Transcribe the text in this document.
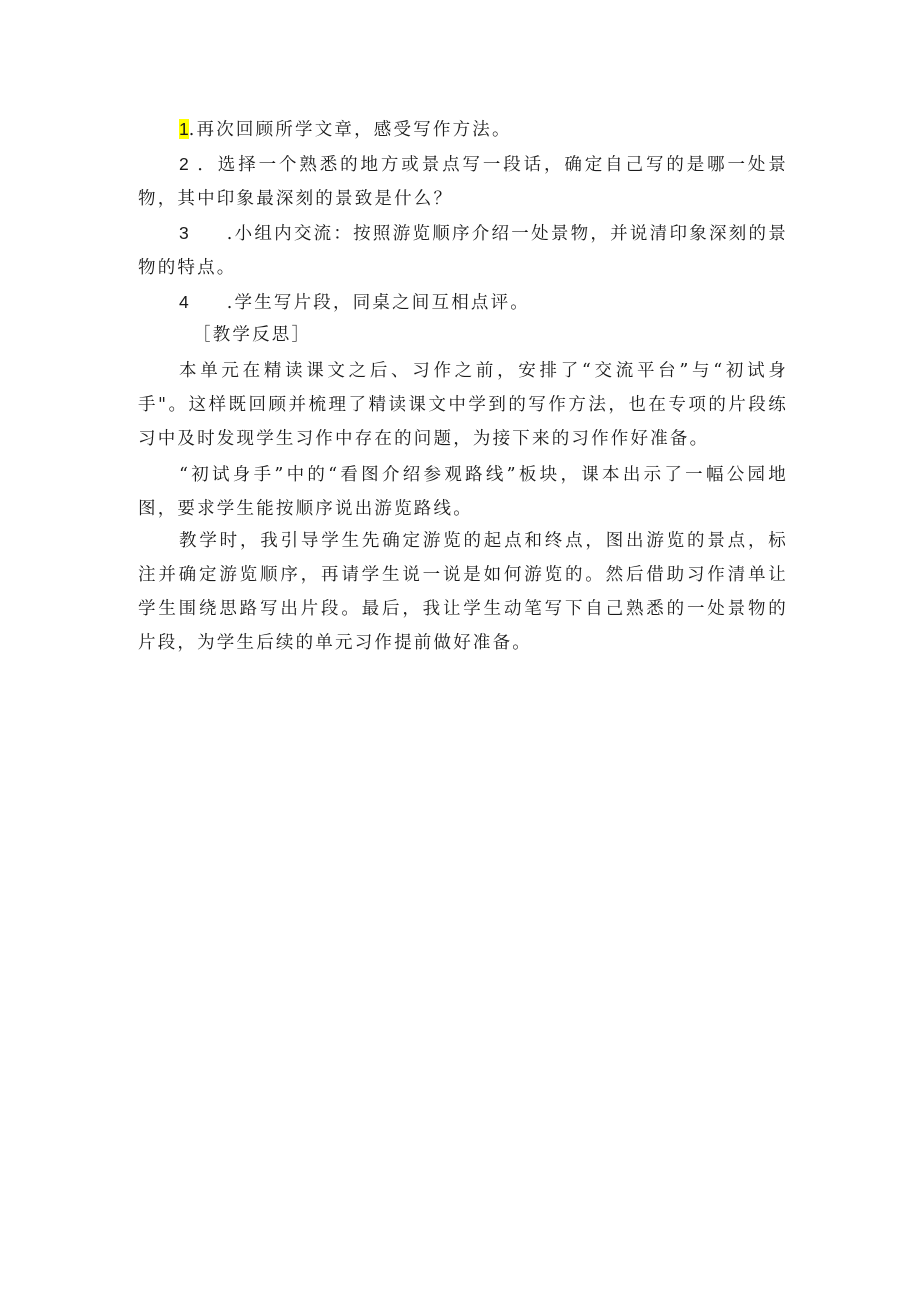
1.再次回顾所学文章，感受写作方法。
2 ．选择一个熟悉的地方或景点写一段话，确定自己写的是哪一处景物，其中印象最深刻的景致是什么？
3 .小组内交流：按照游览顺序介绍一处景物，并说清印象深刻的景物的特点。
4 .学生写片段，同桌之间互相点评。
［教学反思］
本单元在精读课文之后、习作之前，安排了“交流平台”与“初试身手"。这样既回顾并梳理了精读课文中学到的写作方法，也在专项的片段练习中及时发现学生习作中存在的问题，为接下来的习作作好准备。
“初试身手”中的“看图介绍参观路线”板块，课本出示了一幅公园地图，要求学生能按顺序说出游览路线。
教学时，我引导学生先确定游览的起点和终点，图出游览的景点，标注并确定游览顺序，再请学生说一说是如何游览的。然后借助习作清单让学生围绕思路写出片段。最后，我让学生动笔写下自己熟悉的一处景物的片段，为学生后续的单元习作提前做好准备。
